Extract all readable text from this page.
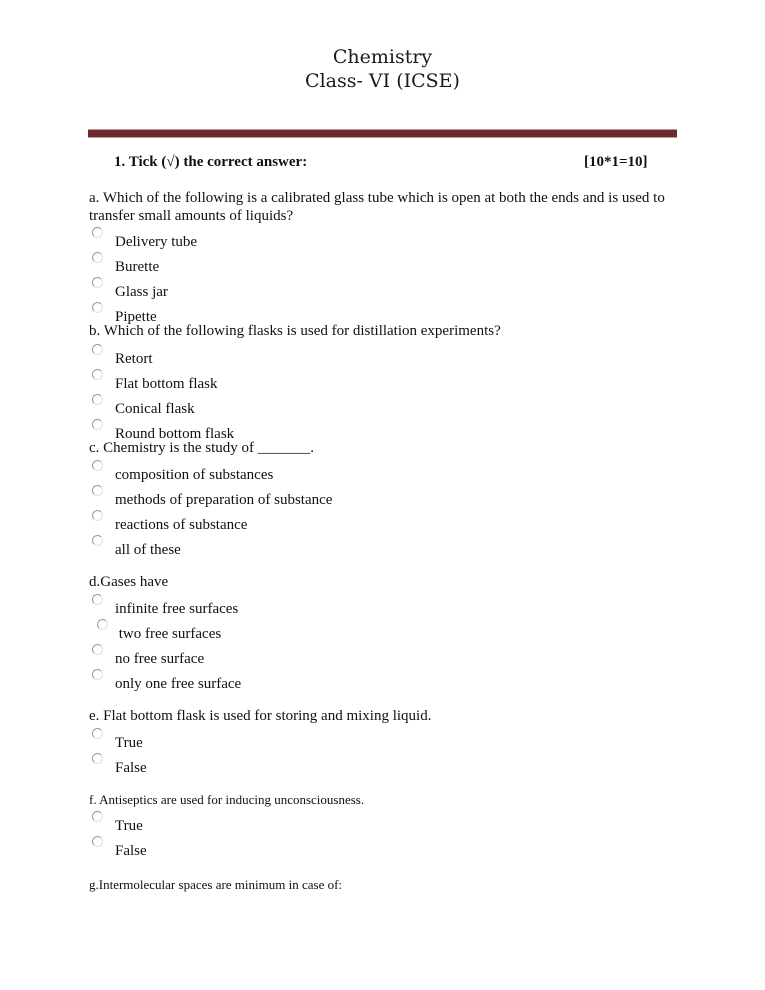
Chemistry
Class- VI (ICSE)
1. Tick (√) the correct answer:	[10*1=10]
a. Which of the following is a calibrated glass tube which is open at both the ends and is used to transfer small amounts of liquids?
Delivery tube
Burette
Glass jar
Pipette
b. Which of the following flasks is used for distillation experiments?
Retort
Flat bottom flask
Conical flask
Round bottom flask
c. Chemistry is the study of _______.
composition of substances
methods of preparation of substance
reactions of substance
all of these
d.Gases have
infinite free surfaces
two free surfaces
no free surface
only one free surface
e. Flat bottom flask is used for storing and mixing liquid.
True
False
f. Antiseptics are used for inducing unconsciousness.
True
False
g.Intermolecular spaces are minimum in case of:
